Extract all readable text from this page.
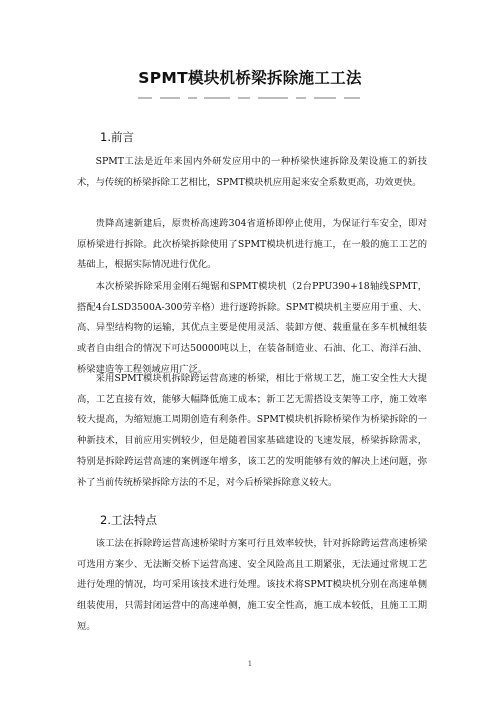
SPMT模块机桥梁拆除施工工法
1.前言
SPMT工法是近年来国内外研发应用中的一种桥梁快速拆除及架设施工的新技术，与传统的桥梁拆除工艺相比，SPMT模块机应用起来安全系数更高，功效更快。
贵降高速新建后，原贵桥高速跨304省道桥即停止使用，为保证行车安全，即对原桥梁进行拆除。此次桥梁拆除使用了SPMT模块机进行施工，在一般的施工工艺的基础上，根据实际情况进行优化。
本次桥梁拆除采用金刚石绳锯和SPMT模块机（2台PPU390+18轴线SPMT，搭配4台LSD3500A-300劳辛格）进行逐跨拆除。SPMT模块机主要应用于重、大、高、异型结构物的运输，其优点主要是使用灵活、装卸方便、载重量在多车机械组装或者自由组合的情况下可达50000吨以上，在装备制造业、石油、化工、海洋石油、桥梁建造等工程领域应用广泛。
采用SPMT模块机拆除跨运营高速的桥梁，相比于常规工艺，施工安全性大大提高，工艺直接有效，能够大幅降低施工成本；新工艺无需搭设支架等工序，施工效率较大提高，为缩短施工周期创造有利条件。SPMT模块机拆除桥梁作为桥梁拆除的一种新技术，目前应用实例较少，但是随着国家基础建设的飞速发展，桥梁拆除需求，特别是拆除跨运营高速的案例逐年增多，该工艺的发明能够有效的解决上述问题，弥补了当前传统桥梁拆除方法的不足，对今后桥梁拆除意义较大。
2.工法特点
该工法在拆除跨运营高速桥梁时方案可行且效率较快，针对拆除跨运营高速桥梁可选用方案少、无法断交桥下运营高速、安全风险高且工期紧张，无法通过常规工艺进行处理的情况，均可采用该技术进行处理。该技术将SPMT模块机分别在高速单侧组装使用，只需封闭运营中的高速单侧，施工安全性高，施工成本较低，且施工工期短。
1
